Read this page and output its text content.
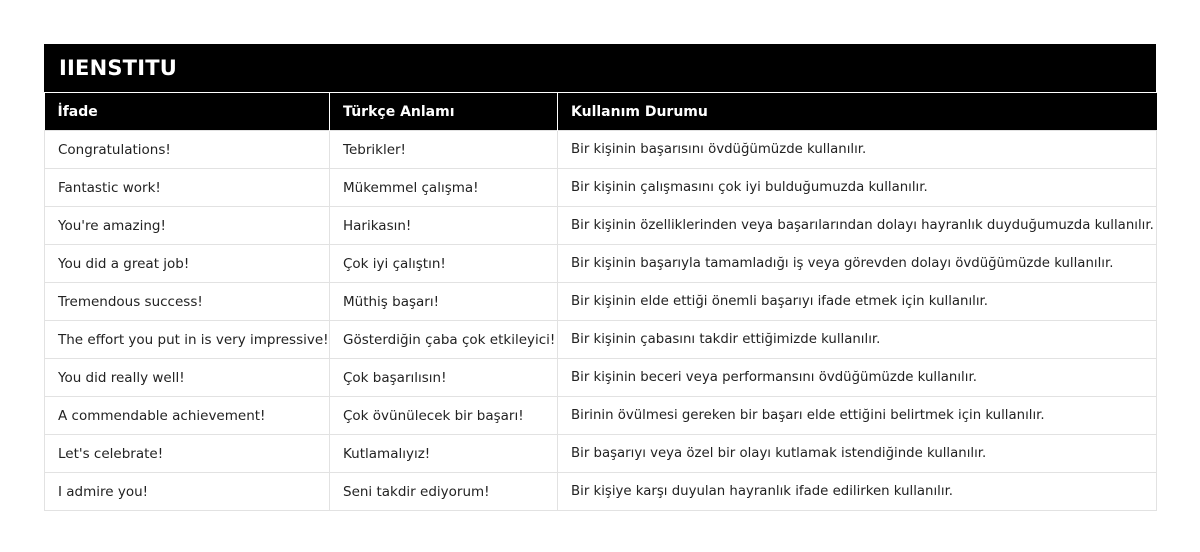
IIENSTITU
İfade	Türkçe Anlamı	Kullanım Durumu
Congratulations!	Tebrikler!	Bir kişinin başarısını övdüğümüzde kullanılır.
Fantastic work!	Mükemmel çalışma!	Bir kişinin çalışmasını çok iyi bulduğumuzda kullanılır.
You're amazing!	Harikasın!	Bir kişinin özelliklerinden veya başarılarından dolayı hayranlık duyduğumuzda kullanılır.
You did a great job!	Çok iyi çalıştın!	Bir kişinin başarıyla tamamladığı iş veya görevden dolayı övdüğümüzde kullanılır.
Tremendous success!	Müthiş başarı!	Bir kişinin elde ettiği önemli başarıyı ifade etmek için kullanılır.
The effort you put in is very impressive!	Gösterdiğin çaba çok etkileyici!	Bir kişinin çabasını takdir ettiğimizde kullanılır.
You did really well!	Çok başarılısın!	Bir kişinin beceri veya performansını övdüğümüzde kullanılır.
A commendable achievement!	Çok övünülecek bir başarı!	Birinin övülmesi gereken bir başarı elde ettiğini belirtmek için kullanılır.
Let's celebrate!	Kutlamalıyız!	Bir başarıyı veya özel bir olayı kutlamak istendiğinde kullanılır.
I admire you!	Seni takdir ediyorum!	Bir kişiye karşı duyulan hayranlık ifade edilirken kullanılır.
